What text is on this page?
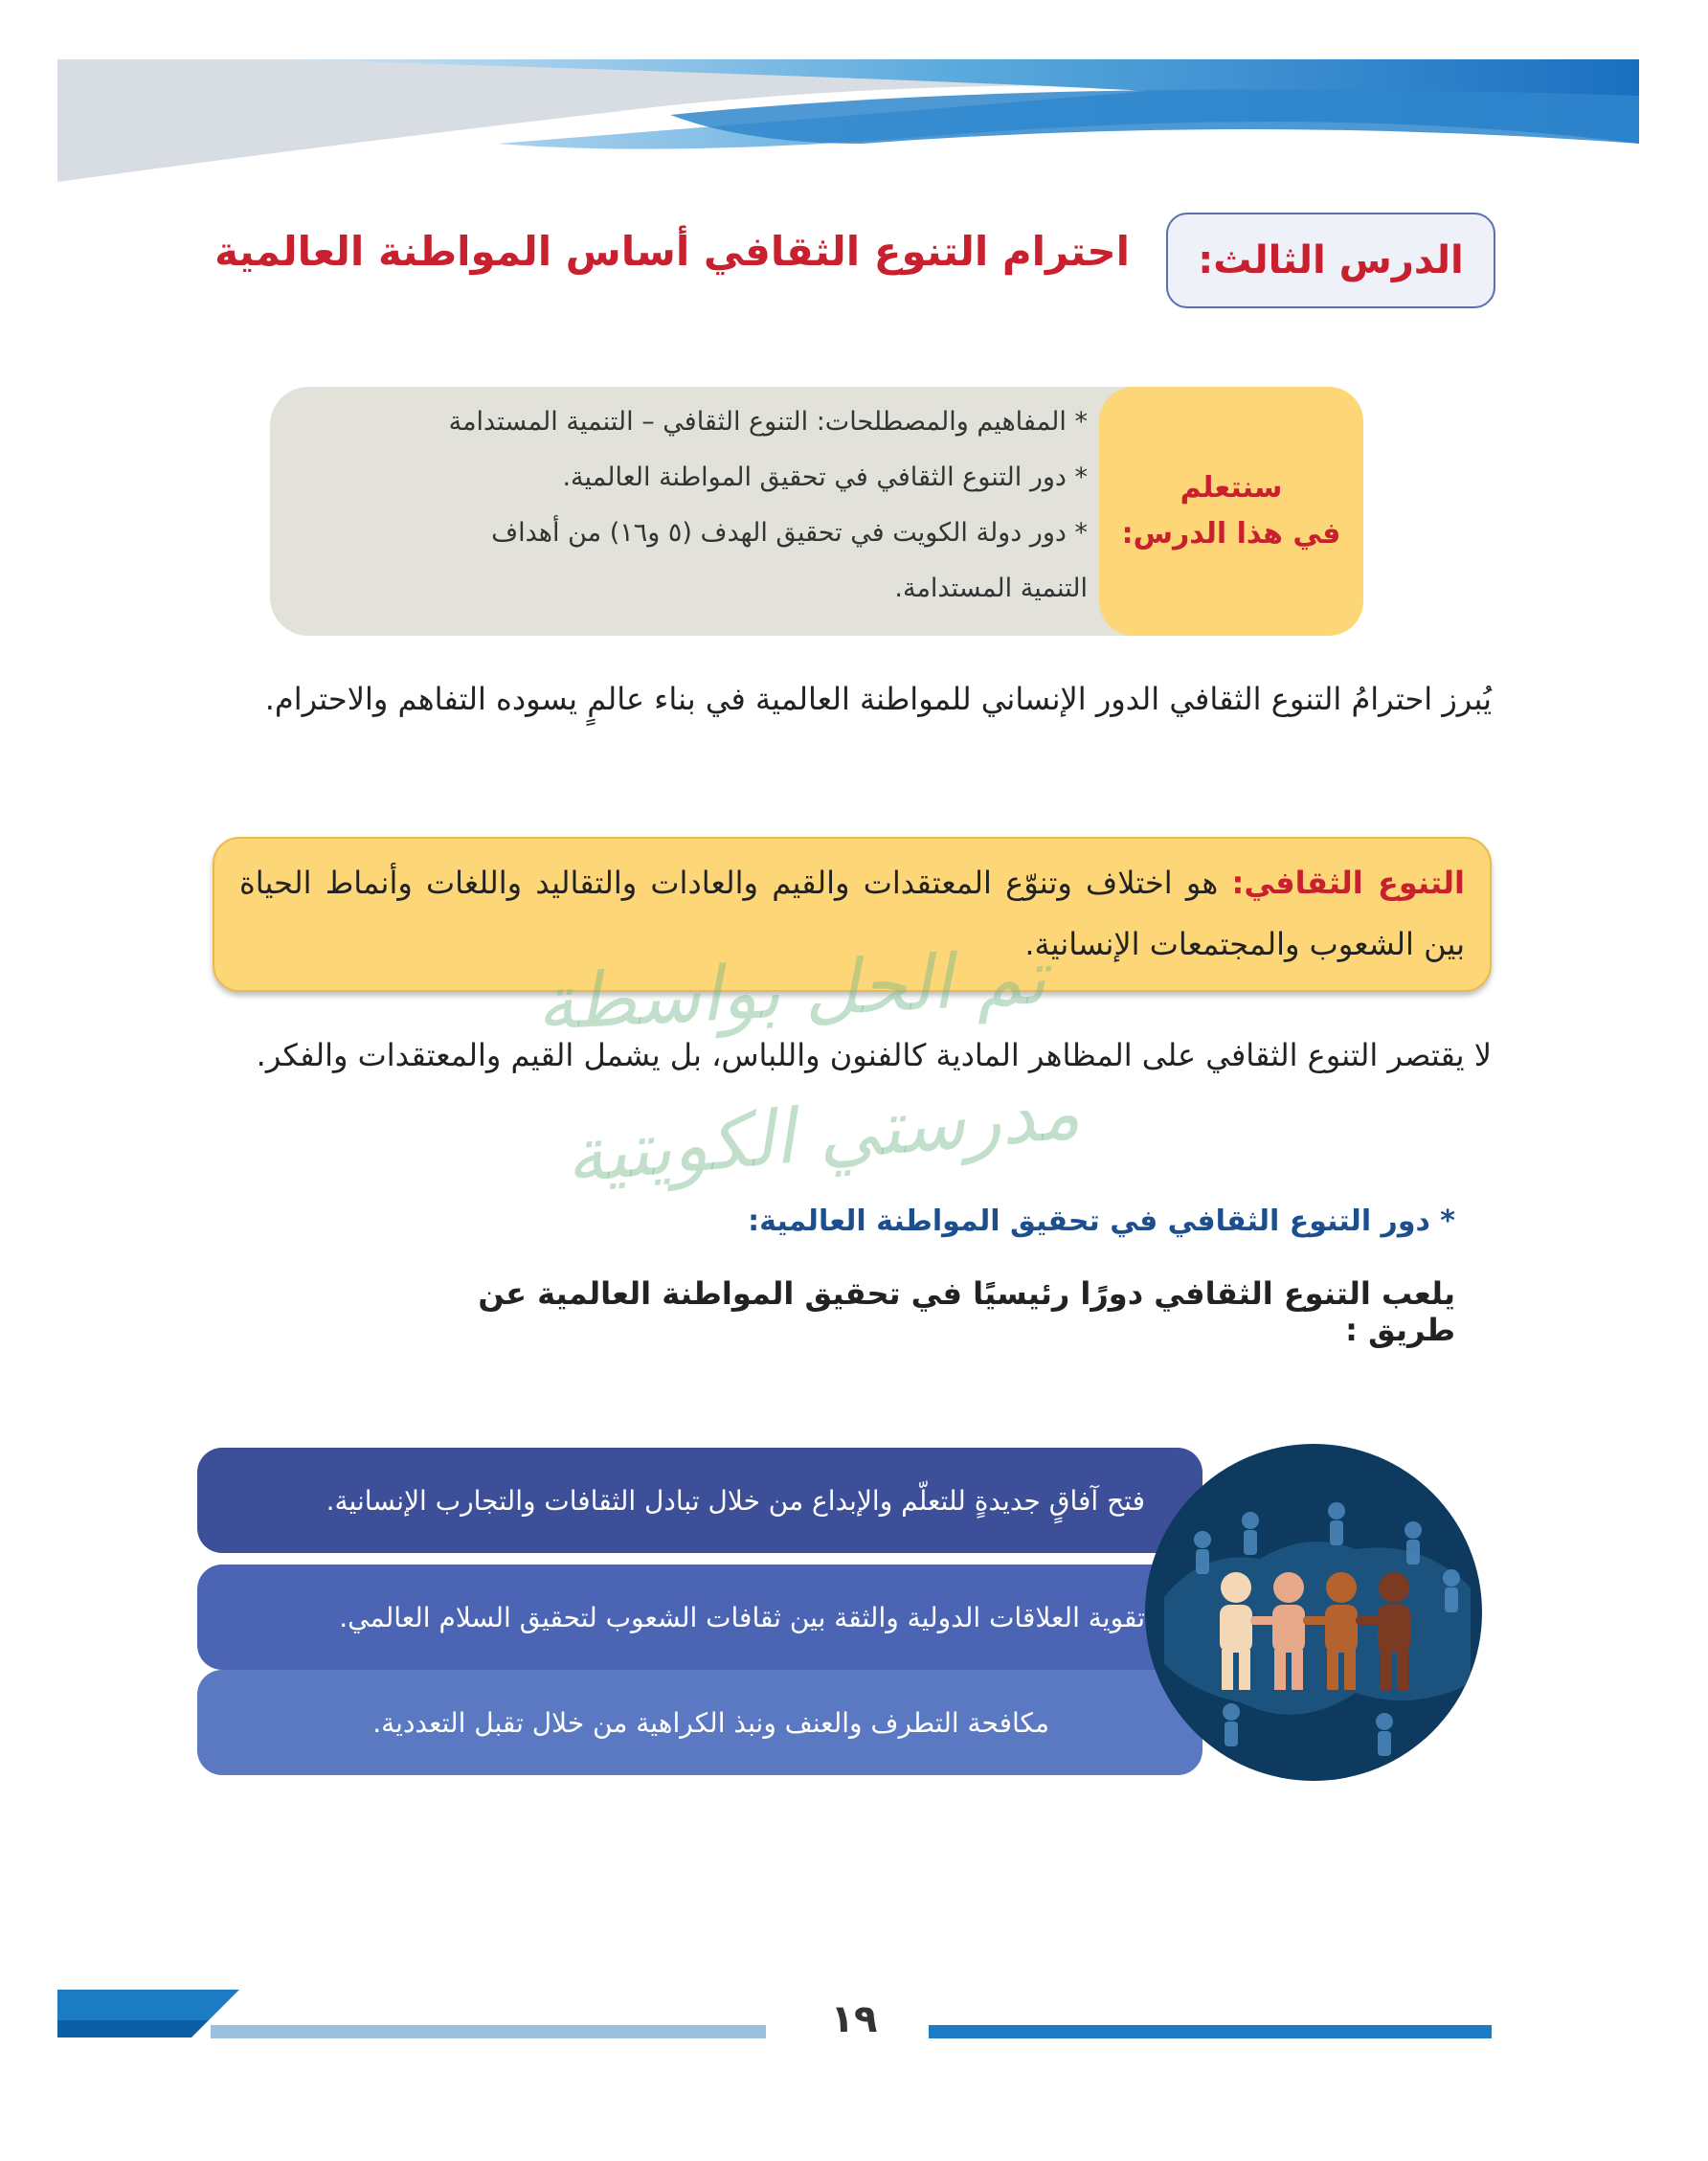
الدرس الثالث:
احترام التنوع الثقافي أساس المواطنة العالمية
سنتعلم
في هذا الدرس:
* المفاهيم والمصطلحات: التنوع الثقافي – التنمية المستدامة
* دور التنوع الثقافي في تحقيق المواطنة العالمية.
* دور دولة الكويت في تحقيق الهدف (٥ و١٦) من أهداف
التنمية المستدامة.
يُبرز احترامُ التنوع الثقافي الدور الإنساني للمواطنة العالمية في بناء عالمٍ يسوده التفاهم والاحترام.
التنوع الثقافي: هو اختلاف وتنوّع المعتقدات والقيم والعادات والتقاليد واللغات وأنماط الحياة بين الشعوب والمجتمعات الإنسانية.
لا يقتصر التنوع الثقافي على المظاهر المادية كالفنون واللباس، بل يشمل القيم والمعتقدات والفكر.
تم الحل بواسطة
مدرستي الكويتية
* دور التنوع الثقافي في تحقيق المواطنة العالمية:
يلعب التنوع الثقافي دورًا رئيسيًا في تحقيق المواطنة العالمية عن طريق :
فتح آفاقٍ جديدةٍ للتعلّم والإبداع من خلال تبادل الثقافات والتجارب الإنسانية.
تقوية العلاقات الدولية والثقة بين ثقافات الشعوب لتحقيق السلام العالمي.
مكافحة التطرف والعنف ونبذ الكراهية من خلال تقبل التعددية.
١٩
